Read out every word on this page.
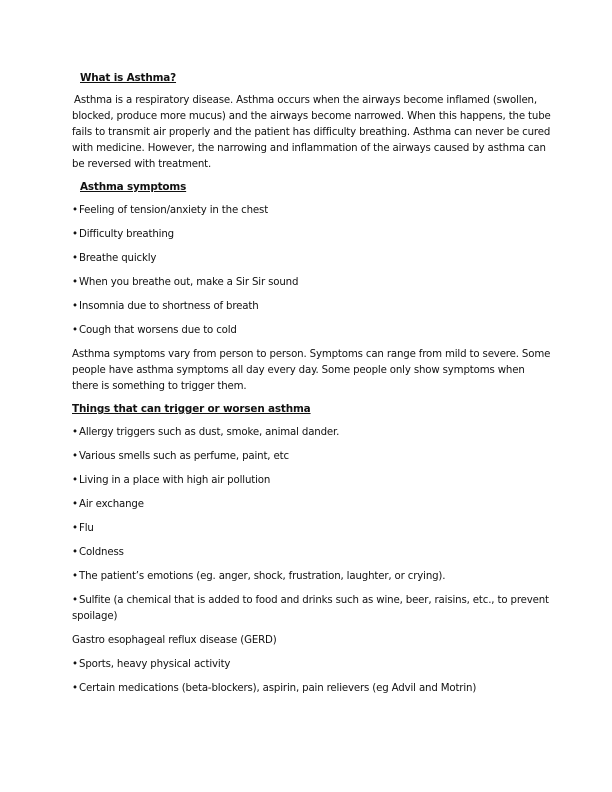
What is Asthma?

Asthma is a respiratory disease. Asthma occurs when the airways become inflamed (swollen, blocked, produce more mucus) and the airways become narrowed. When this happens, the tube fails to transmit air properly and the patient has difficulty breathing. Asthma can never be cured with medicine. However, the narrowing and inflammation of the airways caused by asthma can be reversed with treatment.

Asthma symptoms

•Feeling of tension/anxiety in the chest
•Difficulty breathing
•Breathe quickly
•When you breathe out, make a Sir Sir sound
•Insomnia due to shortness of breath
•Cough that worsens due to cold

Asthma symptoms vary from person to person. Symptoms can range from mild to severe. Some people have asthma symptoms all day every day. Some people only show symptoms when there is something to trigger them.

Things that can trigger or worsen asthma

•Allergy triggers such as dust, smoke, animal dander.
•Various smells such as perfume, paint, etc
•Living in a place with high air pollution
•Air exchange
•Flu
•Coldness
•The patient’s emotions (eg. anger, shock, frustration, laughter, or crying).
•Sulfite (a chemical that is added to food and drinks such as wine, beer, raisins, etc., to prevent spoilage)

Gastro esophageal reflux disease (GERD)

•Sports, heavy physical activity
•Certain medications (beta-blockers), aspirin, pain relievers (eg Advil and Motrin)
